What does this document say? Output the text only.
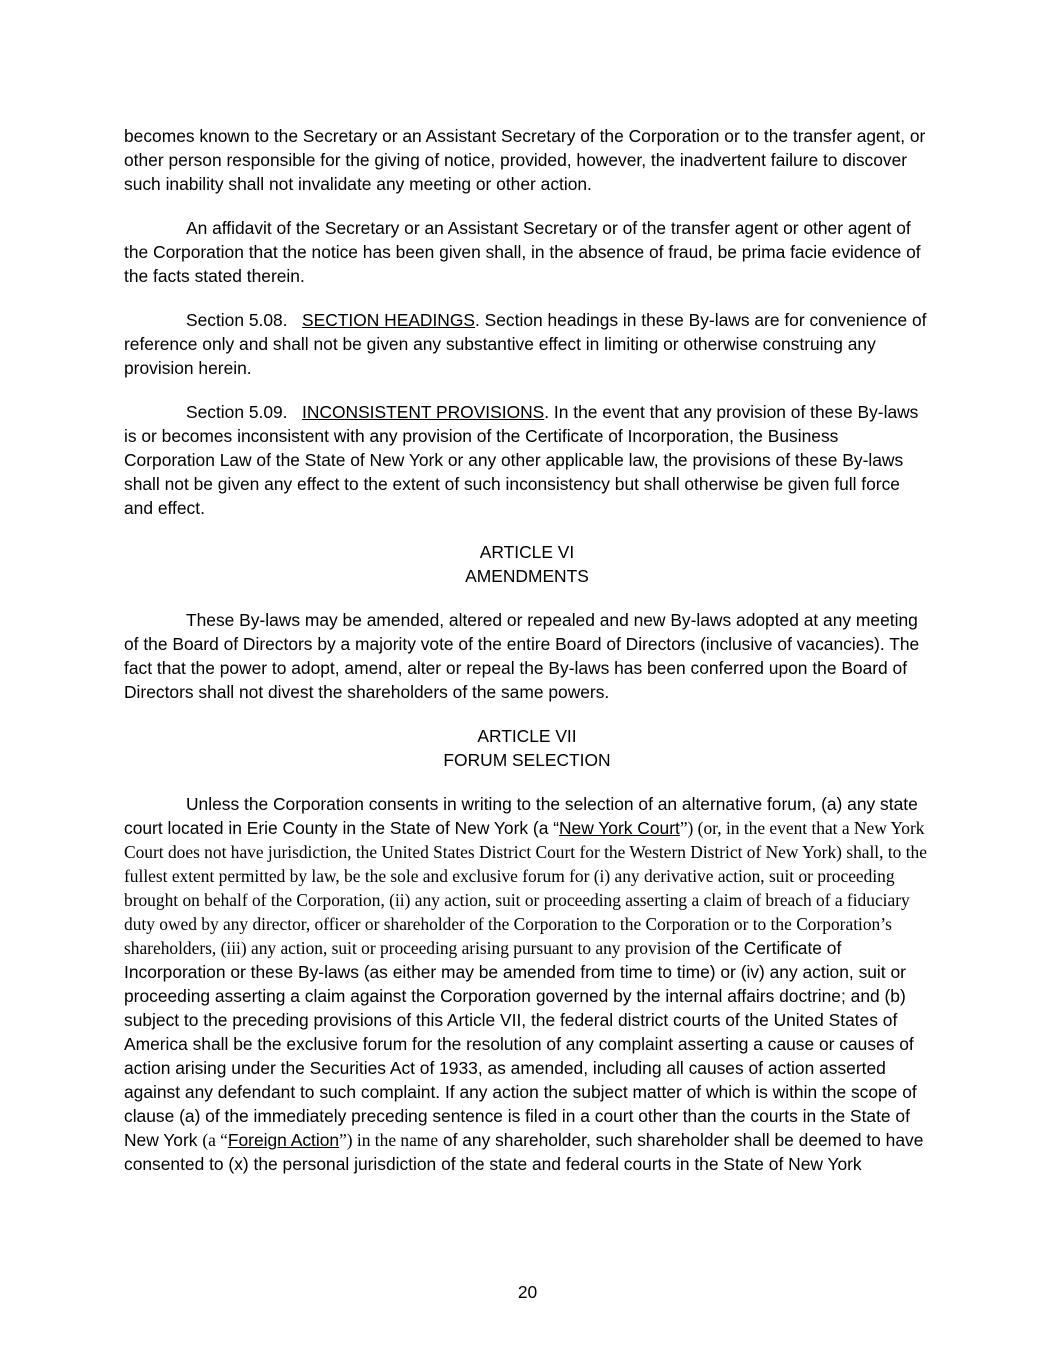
becomes known to the Secretary or an Assistant Secretary of the Corporation or to the transfer agent, or other person responsible for the giving of notice, provided, however, the inadvertent failure to discover such inability shall not invalidate any meeting or other action.

An affidavit of the Secretary or an Assistant Secretary or of the transfer agent or other agent of the Corporation that the notice has been given shall, in the absence of fraud, be prima facie evidence of the facts stated therein.

Section 5.08. SECTION HEADINGS. Section headings in these By-laws are for convenience of reference only and shall not be given any substantive effect in limiting or otherwise construing any provision herein.

Section 5.09. INCONSISTENT PROVISIONS. In the event that any provision of these By-laws is or becomes inconsistent with any provision of the Certificate of Incorporation, the Business Corporation Law of the State of New York or any other applicable law, the provisions of these By-laws shall not be given any effect to the extent of such inconsistency but shall otherwise be given full force and effect.

ARTICLE VI
AMENDMENTS

These By-laws may be amended, altered or repealed and new By-laws adopted at any meeting of the Board of Directors by a majority vote of the entire Board of Directors (inclusive of vacancies). The fact that the power to adopt, amend, alter or repeal the By-laws has been conferred upon the Board of Directors shall not divest the shareholders of the same powers.

ARTICLE VII
FORUM SELECTION

Unless the Corporation consents in writing to the selection of an alternative forum, (a) any state court located in Erie County in the State of New York (a “New York Court”) (or, in the event that a New York Court does not have jurisdiction, the United States District Court for the Western District of New York) shall, to the fullest extent permitted by law, be the sole and exclusive forum for (i) any derivative action, suit or proceeding brought on behalf of the Corporation, (ii) any action, suit or proceeding asserting a claim of breach of a fiduciary duty owed by any director, officer or shareholder of the Corporation to the Corporation or to the Corporation’s shareholders, (iii) any action, suit or proceeding arising pursuant to any provision of the Certificate of Incorporation or these By-laws (as either may be amended from time to time) or (iv) any action, suit or proceeding asserting a claim against the Corporation governed by the internal affairs doctrine; and (b) subject to the preceding provisions of this Article VII, the federal district courts of the United States of America shall be the exclusive forum for the resolution of any complaint asserting a cause or causes of action arising under the Securities Act of 1933, as amended, including all causes of action asserted against any defendant to such complaint. If any action the subject matter of which is within the scope of clause (a) of the immediately preceding sentence is filed in a court other than the courts in the State of New York (a “Foreign Action”) in the name of any shareholder, such shareholder shall be deemed to have consented to (x) the personal jurisdiction of the state and federal courts in the State of New York

20
